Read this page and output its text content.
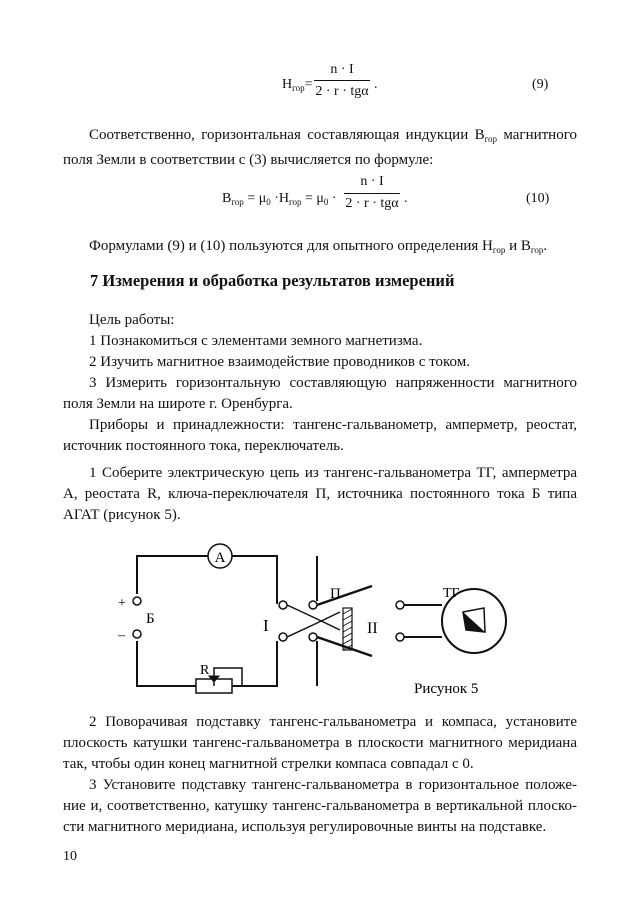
$H_{гор}=$
n · I
2 · r · tgα .	(9)

Соответственно, горизонтальная составляющая индукции $B_{гор}$ магнитного

поля Земли в соответствии с (3) вычисляется по формуле:

$B_{гор} = \mu_0 \cdot H_{гор} = \mu_0$ ·
n · I
2 · r · tgα .	(10)

Формулами (9) и (10) пользуются для опытного определения $H_{гор}$ и $B_{гор}$.

7 Измерения и обработка результатов измерений

Цель работы:

1 Познакомиться с элементами земного магнетизма.

2 Изучить магнитное взаимодействие проводников с током.

3 Измерить горизонтальную составляющую напряженности магнитного

поля Земли на широте г. Оренбурга.

Приборы и принадлежности: тангенс-гальванометр, амперметр, реостат,

источник постоянного тока, переключатель.

1 Соберите электрическую цепь из тангенс-гальванометра ТГ, амперметра

А, реостата R, ключа-переключателя П, источника постоянного тока Б типа

АГАТ (рисунок 5).

A
+
–
Б
R
П
I	II
ТГ
Рисунок 5

2 Поворачивая подставку тангенс-гальванометра и компаса, установите

плоскость катушки тангенс-гальванометра в плоскости магнитного меридиана

так, чтобы один конец магнитной стрелки компаса совпадал с 0.

3 Установите подставку тангенс-гальванометра в горизонтальное положе-

ние и, соответственно, катушку тангенс-гальванометра в вертикальной плоско-

сти магнитного меридиана, используя регулировочные винты на подставке.

10
